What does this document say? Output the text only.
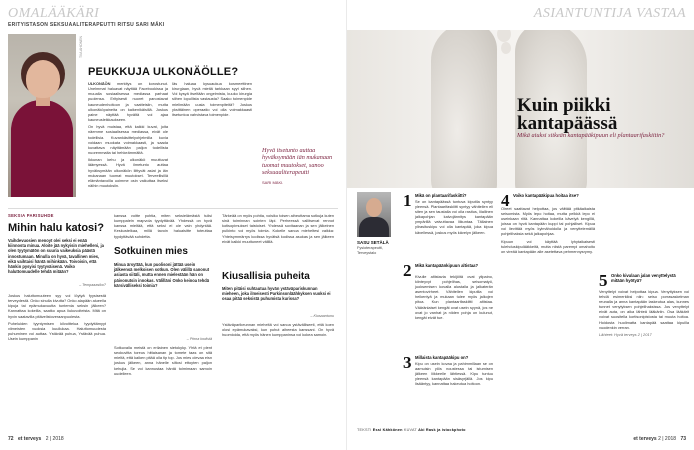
OMALÄÄKÄRI
ERITYISTASON SEKSUAALITERAPEUTTI RITSU SARI MÄKI
TIIA AHONEN
PEUKKUJA ULKONÄÖLLE?

ULKONÄÖN merkitys on korostunut. Unelmmat haluavat näyttää Facebookissa ja muualla sosiaalisessa mediassa parhaat puolensa. Erityisesti nuoret panostavat kauneudenhoitoon ja vaatteisiin, mutta ulkonäköpaineita on kaikenikäisillä. Joskus paine näyttää hyvältä voi ajaa kauneusleikkaukseen.

On hyvä muistaa, että kaikki kuvat, joita näemme sosiaalisessa mediassa, eivät ole todellisia. Kuvankäsittelyohjelmilla kuvia voidaan muokata voimakkaasti, ja saada kuvattava näyttämään paljon todellista nuoremmalta tai hehkeämmältä.

Ikkunan kehu ja ulkonäkö muuttuvat iäämyessä. Hyvä ilmetunto auttaa hyväksymään ulkonäkön liittyvät asiat ja iän mukanaan tuomat muutokset. Terveellisillä elämäntavoilla uoimme osin vaikuttaa itseksi näihin muutoksiin.

Iäs haluaa kysuaukua kosmeettinen kirurgiaan, hyvä mietiä tarkkaan syyt siihen. Voi kysyä itseltään ongelmista, kuuko kirurgia siihen lopullista vastausta? Saako toimenpide mielimään uusia toimenpiteitä? Joskus yksittäinen operaatio voi olla voimakkaasti itsetuntoa vahvistava toimenpide.

Hyvä itsetunto auttaa hyväksymään iän mukanaan tuomat muutokset, sanoo seksuaaliterapeutti
SARI MÄKI.
SEKSIA PARISUHDE
Mihin halu katosi?
Vaihdevuosien menoyt olei seksi ei enää kiinnosta minua. Aloite jää nykyisin miehelleni, ja olen tyytymätön on suuria vaikeuksia päästä innostumaan. Minulla on hyvä, tavallinen mies, eikä vaihtaisi häntä mihinkään. Toivoisin, että hänkin pysyisi tyytyväisenä. Voiko haluttomuudelle tehdä mitään?
– Tempaaasiko?

Joskus haluttomuuteen syy voi löytyä fyysisestä terveydestä. Onko sinulla kivutta? Onko alapään alueella kipuja tai epämukavuutta tuntemia seksin jälkeen? Kannattaa kokeilla, saatko apua liukuvoiteista. Mitä on hyvin saatavilla pitävelistoveraanpuolesta.

Puheluiden tyyntymisen kilvoittelua tyydyttämyyt viimeisten vuoksia kuullukaa. Haluttomuudesta puhuminen voi auttaa. Ystävää puhua, Ystävää puhua. Usein kumppanin

kanssa voitte pohtia, miten seksielämästä tulisi kumppalein mapvola tyydyttävää. Yhdessä on hyvä kanssa mieltää, että seksi ei ole vain yhdyntää. Keskustelkaa, millä tavoin haluaisitte toteuttaa tyydyttävää suhdetta.

Sotkuinen mies
Minua ärsyttää, kun puolisoni jättää usein jälkeensä melkoisen sotkun. Olen välillä sanonut asiasta siitäli, mutta ennen mielestään hän on päivonutsin innokas. Välilläni Onko keinoa tehdä kärsivälliseksi toimia?
– Pinna kodistä

Sotkuvalla meistä on erilainen sietokyky. Yhtä et plent seokuvitta toreus hittaisanan ja tomete taas on sitä mieltä, että kaiken pitää olla tip top. Jos mies olevaa eisn joskus jälkeen, anna hänelle siltosi ettoyten paljon kehujia. Se voi kannustaa häntä toimimaan samoin uudelleen.

Tärkeää on myös pohtia, voisiko toisen aiheuttama sotkuja kuten sinä toiminnan sointen läpi. Perheessä vallitsevat rennot kotisopimukset taistoiset. Yhdessä sovitaanan ja sen jälkeinen pulkinto voi myös toimia. Kokeile sanoa mieheltesi vaikka: Yhteisymmärrys kodissa hyvätsä kodissa asukas ja sen jälkeen eivät kaikki muuttuneet välillä.

Kiusallisia puheita
Miten pitäisi suhtautua hyvän ystäväpariskunnan mieheen, joka ilmeisesti Parkinsonläähkyksen vuoksi ei osaa pitää seksistä puhumista kurissa?
– Kiusaantunu

Ystäväparikeunnan mieheltä voi sanoa ystävälliseeti, että koen olosi epämukavaksi, kun puhut aiheesta kanssani. On hyvä huomioida, että myös hänen kumppaninsa voi kokea samoin.

72 et terveys 2 | 2018
ASIANTUNTIJA VASTAA
Kuin piikki kantapäässä
Mikä aiuksi sitkeän kantapääkipuun eli plantaarifaskiitin?
SASU SETÄLÄ
Fysioterapeutti, Terveystalo
1 Mikä on plantaarifaskiitti?
Se on kantapäässä tuntuva kiputila syntyy yleensä. Plantaarifaskiitti syntyy vähitellen eli siten ja sen taustalla voi olla rasitus, liiallinen jalkapohjan kalvojännitys kantapään ympärillä vaivuttavaa liikuntaa. Tällainen ylirasituskipu voi olla kantapää, joka kipua kävellessä, joskus myös kävelyn jälkeen.
2 Mikä kantapäänkipuun altistaa?
Kivulle altistavia tekijöitä ovat ylipaino, kiinteyvyt pohjelihas, seisomatyö, juoksemisen kovalla alustalla ja jalkaterän asentovirheet. Vähitellen kiputila voi heikentyä ja mukaan tulee myös jalkojen pitoa. Kun plantaarifaskiitti altistaa. Vääränlaiset kengät ovat usein syynä, jos ne ovat jo vanhat ja niiden pohja on kulunut, kengät eivät tue.
3 Millaista kantapääkipu on?
Kipu on usein kovaa ja pahimmillaan se on aamuisin ylös noustessa tai istumisen jälkeen liikkeelle lähtiessä. Kipu tuntuu yleensä kantapään sisäsyrjällä. Jos kipu lisääntyy, kannattaa hakeutua hoitoon.
4 Voiko kantapääkipua hoitaa itse?
Oireet saattavat helpottaa, jos välttää pitkäaikaista seisomista. Myös lepo hoitaa, mutta pelkkä lepo ei useinkaan riitä. Kannattaa kokeilla kävelyä kengillä, joissa on hyvä kantapään kuppi tai pohjalliset. Kipua voi lievittää myös kylmähoidolla ja venyttelemällä pohjelihaksia sekä jalkapohjaa.
Kipuun voi käyttää lyhytaikaisesti tulehduskipulääkkeitä, mutta niistä parempi omahoito on vireää kantapään alle asetettava pehmennysrymy.
5 Onko kivulaan jalan venyttelystä mitään hyötyä?
Venyttelyt voivat helpottaa kipua. Venyttyksen voi tehdä esimerkiksi niin: seiso porrasaskelman reunalla ja anna kantapään laskeutua alas, kunnes tunnet venytyksen pohjelihaksissa. Jos venyttelyt eivät auta, on aika lähteä lääkäriin. Osa lääkärit voivat suositella kortisonipistosta tai muuta hoitoa. Hoidosta huolimatta kantapää saattaa kipuilla vuodenkin verran.
Lähteet: Hyvä terveys 2 | 2017
TEKSTI Essi Kähkönen KUVAT Aki Rask ja istockphoto
et terveys 2 | 2018 73
